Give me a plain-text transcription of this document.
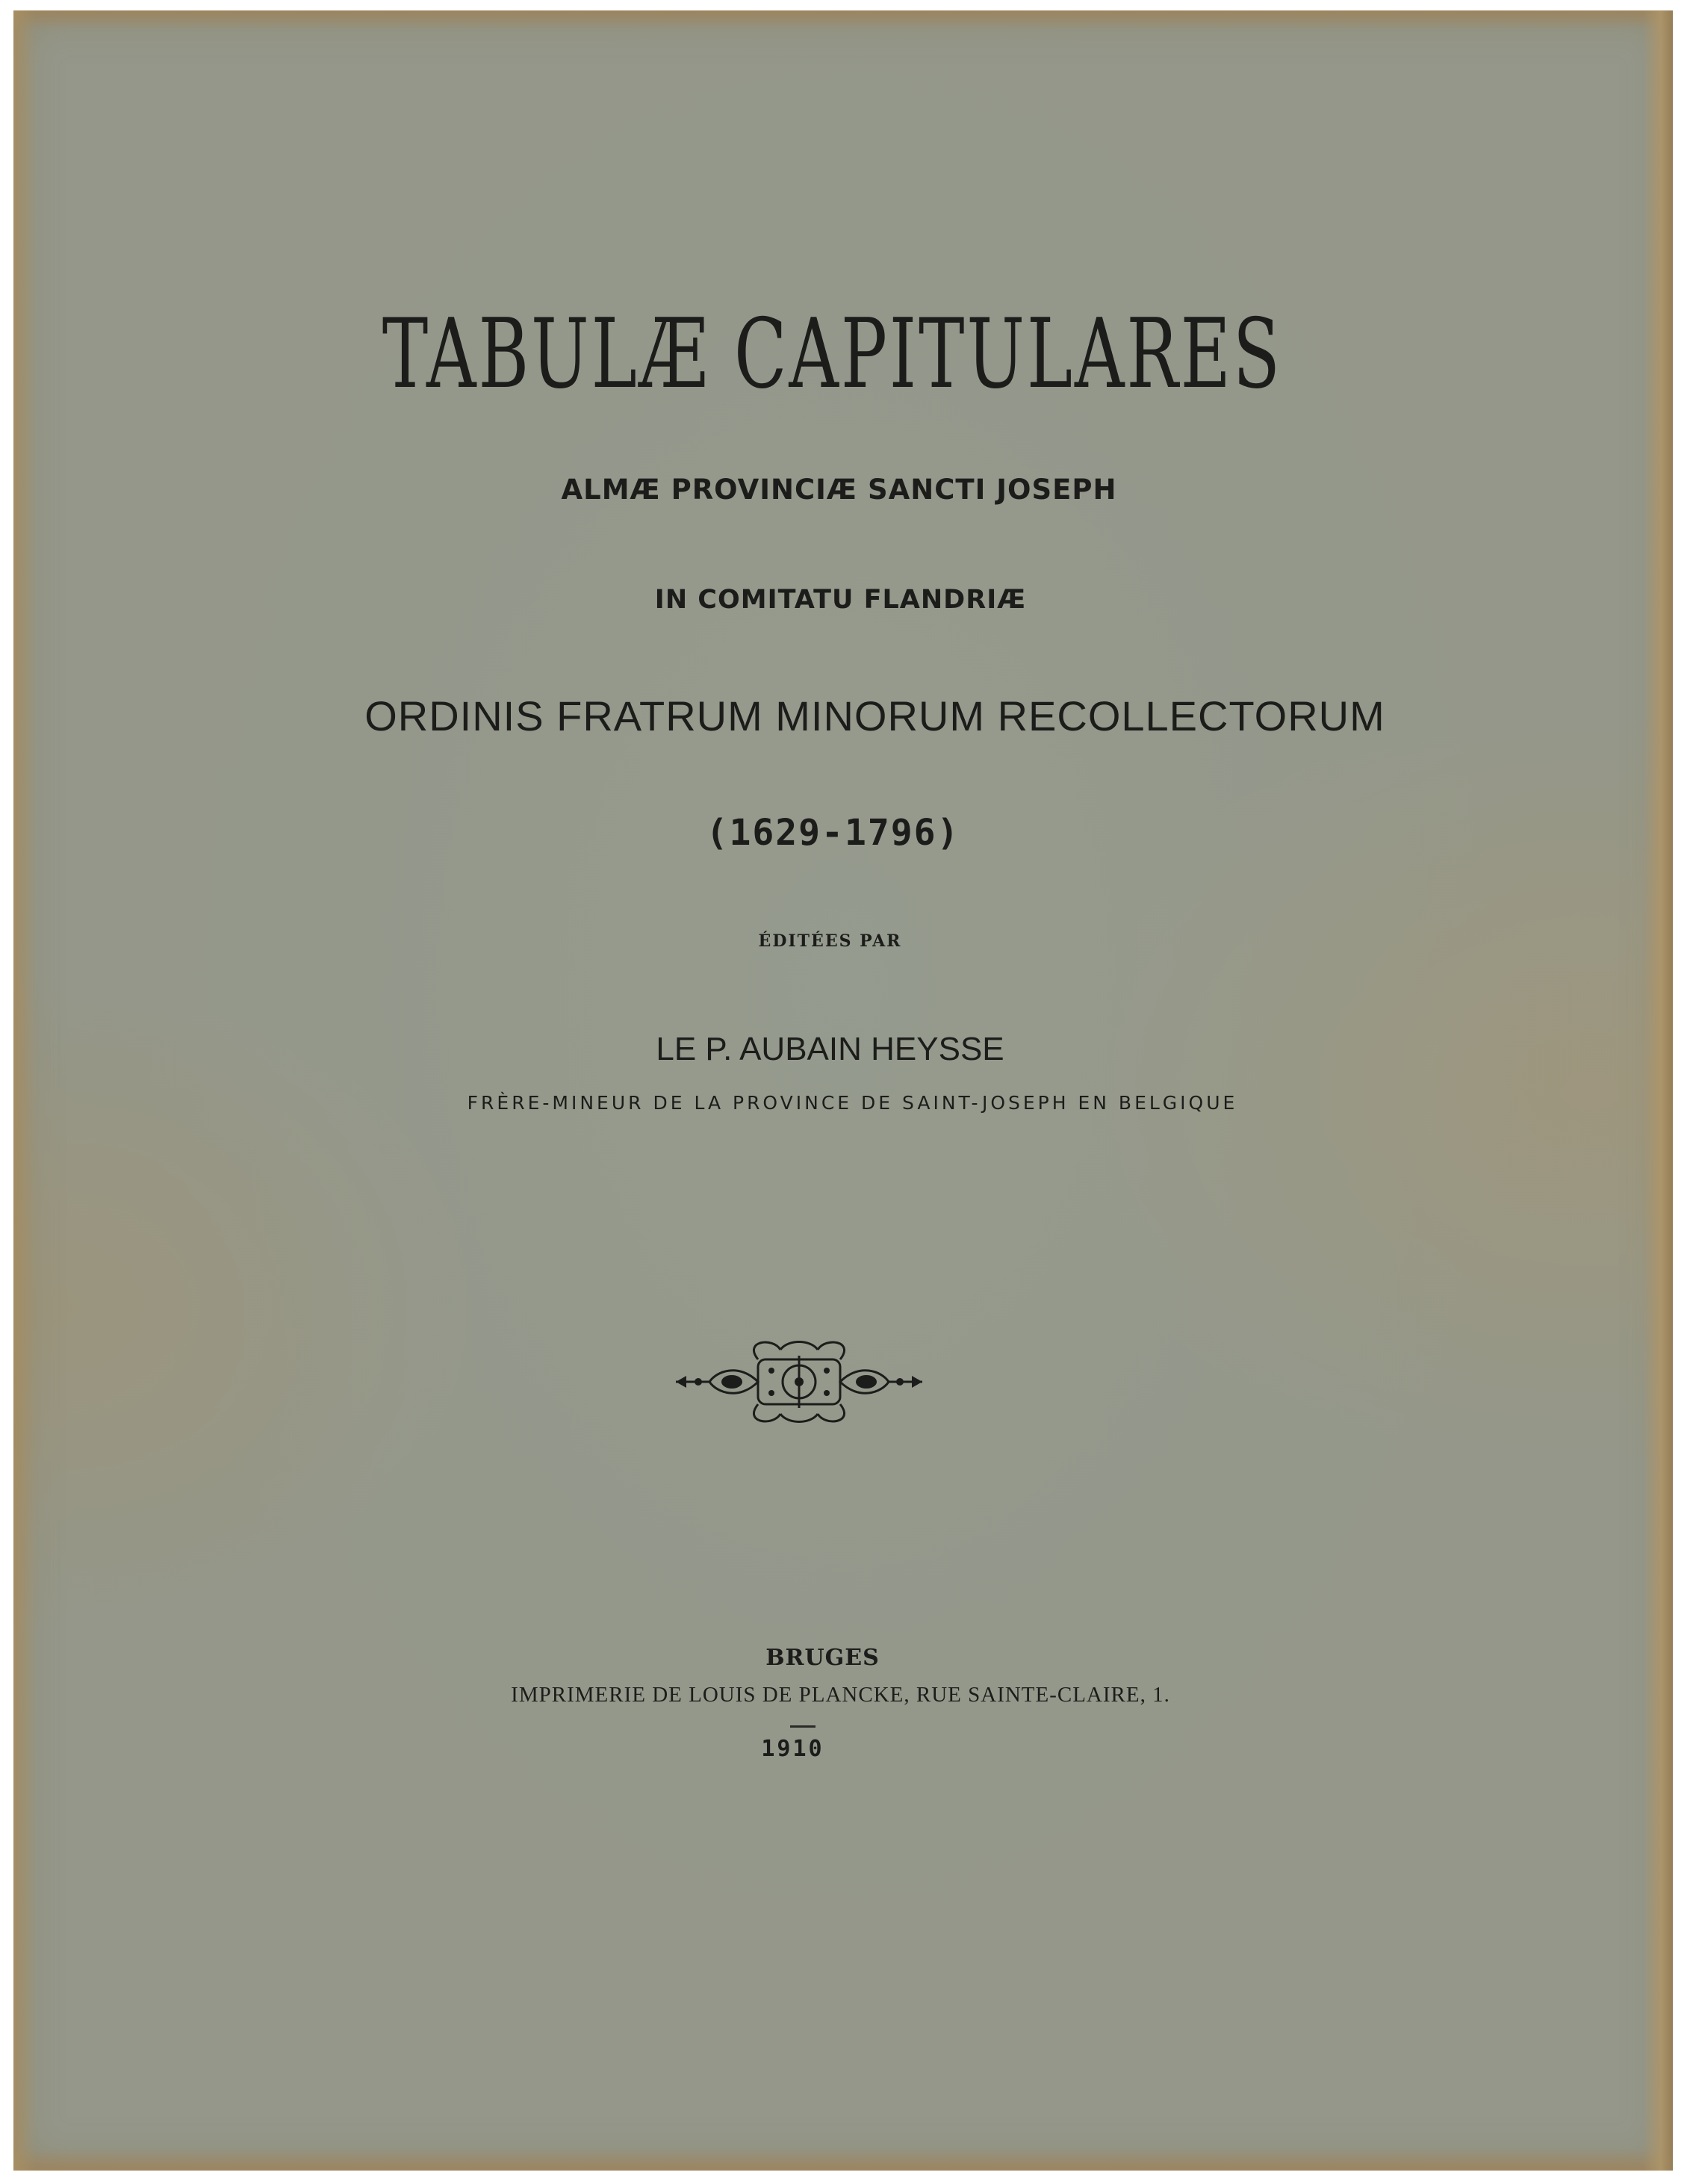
TABULÆ CAPITULARES
ALMÆ PROVINCIÆ SANCTI JOSEPH
IN COMITATU FLANDRIÆ
ORDINIS FRATRUM MINORUM RECOLLECTORUM
(1629-1796)
ÉDITÉES PAR
LE P. AUBAIN HEYSSE
FRÈRE-MINEUR DE LA PROVINCE DE SAINT-JOSEPH EN BELGIQUE
BRUGES
IMPRIMERIE DE LOUIS DE PLANCKE, RUE SAINTE-CLAIRE, 1.
1910
